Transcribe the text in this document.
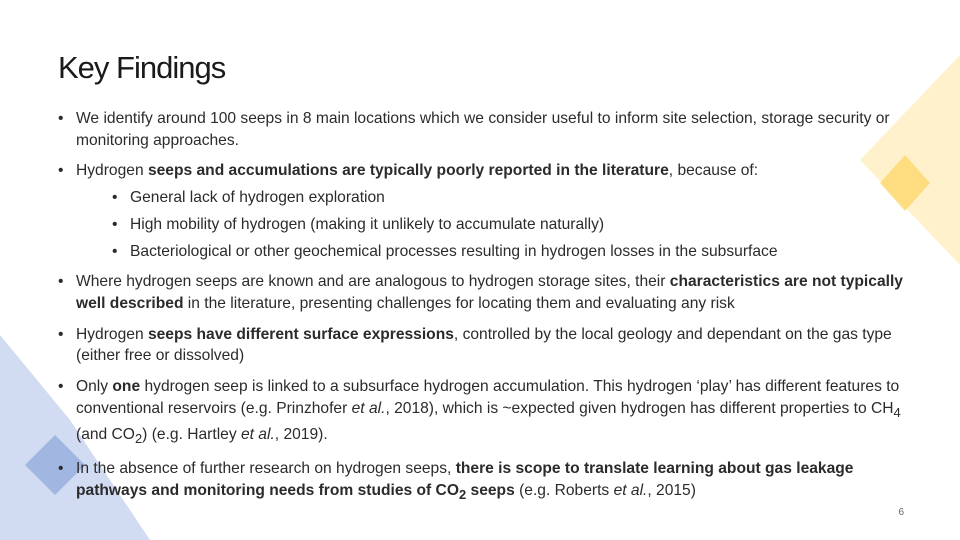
Key Findings
• We identify around 100 seeps in 8 main locations which we consider useful to inform site selection, storage security or monitoring approaches.
• Hydrogen seeps and accumulations are typically poorly reported in the literature, because of:
• General lack of hydrogen exploration
• High mobility of hydrogen (making it unlikely to accumulate naturally)
• Bacteriological or other geochemical processes resulting in hydrogen losses in the subsurface
• Where hydrogen seeps are known and are analogous to hydrogen storage sites, their characteristics are not typically well described in the literature, presenting challenges for locating them and evaluating any risk
• Hydrogen seeps have different surface expressions, controlled by the local geology and dependant on the gas type (either free or dissolved)
• Only one hydrogen seep is linked to a subsurface hydrogen accumulation. This hydrogen ‘play’ has different features to conventional reservoirs (e.g. Prinzhofer et al., 2018), which is ~expected given hydrogen has different properties to $CH_4$ (and $CO_2$) (e.g. Hartley et al., 2019).
• In the absence of further research on hydrogen seeps, there is scope to translate learning about gas leakage pathways and monitoring needs from studies of $CO_2$ seeps (e.g. Roberts et al., 2015)
6
